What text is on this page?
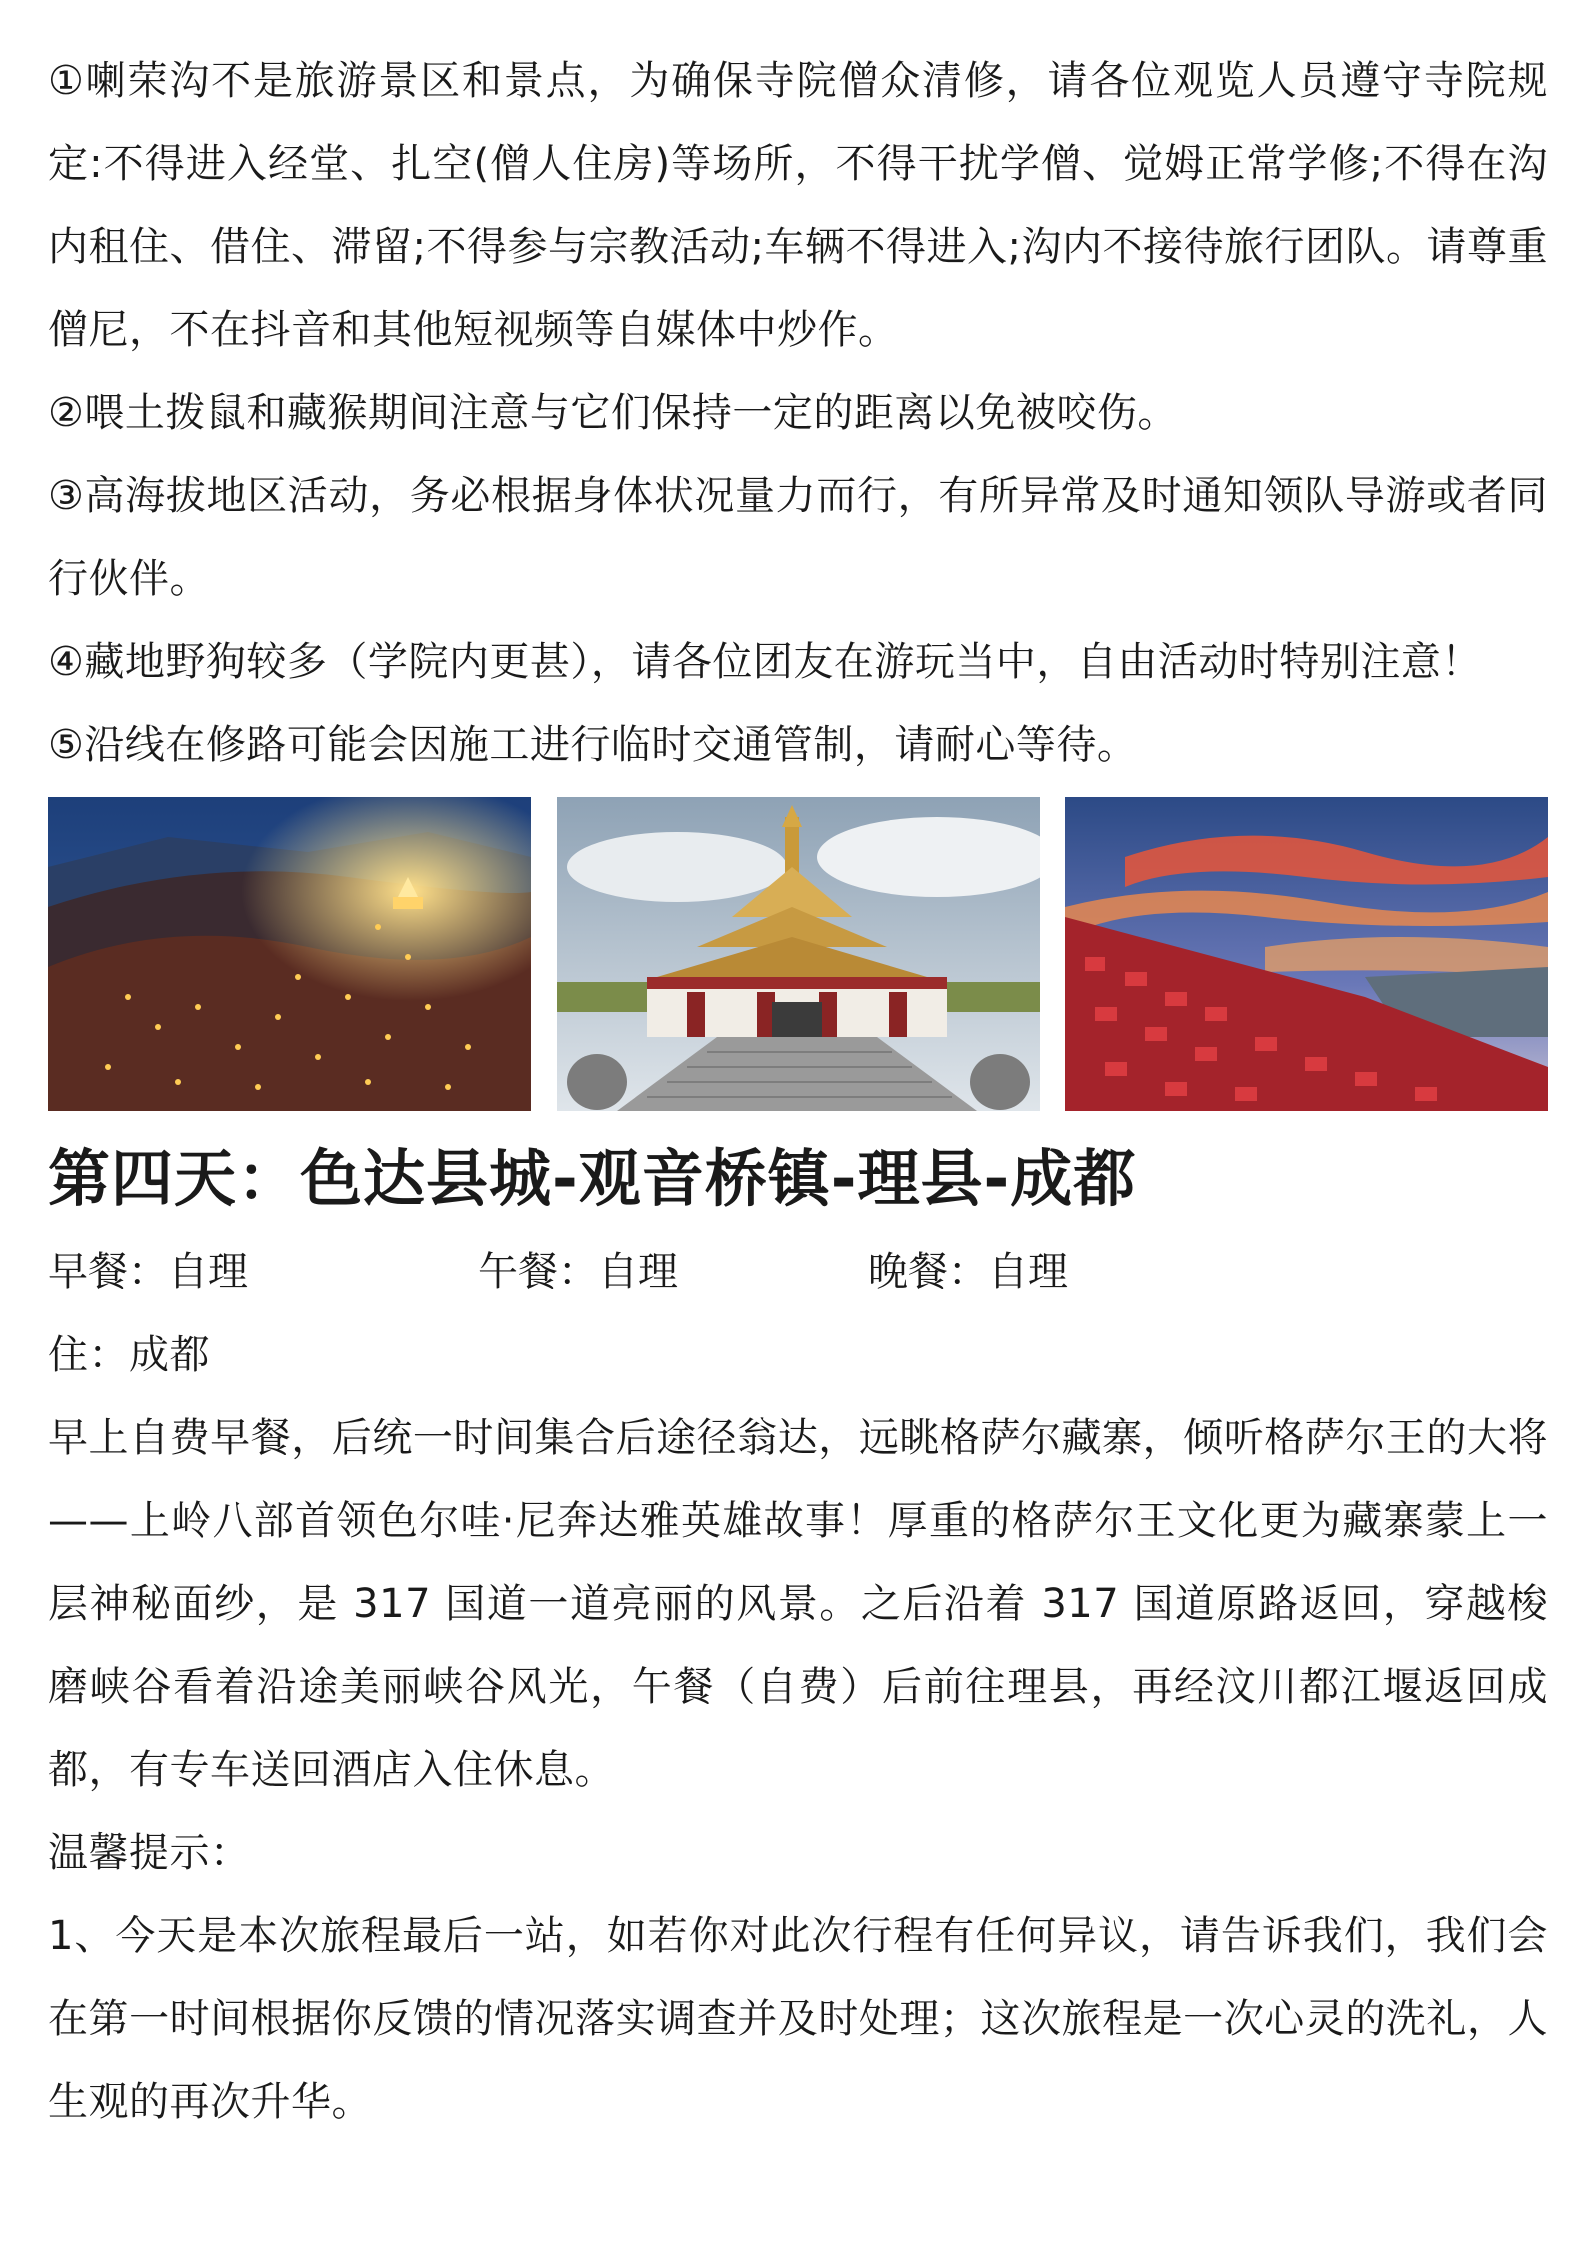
①喇荣沟不是旅游景区和景点，为确保寺院僧众清修，请各位观览人员遵守寺院规定:不得进入经堂、扎空(僧人住房)等场所，不得干扰学僧、觉姆正常学修;不得在沟内租住、借住、滞留;不得参与宗教活动;车辆不得进入;沟内不接待旅行团队。请尊重僧尼，不在抖音和其他短视频等自媒体中炒作。

②喂土拨鼠和藏猴期间注意与它们保持一定的距离以免被咬伤。

③高海拔地区活动，务必根据身体状况量力而行，有所异常及时通知领队导游或者同行伙伴。

④藏地野狗较多（学院内更甚），请各位团友在游玩当中，自由活动时特别注意！

⑤沿线在修路可能会因施工进行临时交通管制，请耐心等待。

第四天：色达县城-观音桥镇-理县-成都
早餐：自理	午餐：自理	晚餐：自理

住：成都

早上自费早餐，后统一时间集合后途径翁达，远眺格萨尔藏寨，倾听格萨尔王的大将——上岭八部首领色尔哇·尼奔达雅英雄故事！厚重的格萨尔王文化更为藏寨蒙上一层神秘面纱，是 317 国道一道亮丽的风景。之后沿着 317 国道原路返回，穿越梭磨峡谷看着沿途美丽峡谷风光，午餐（自费）后前往理县，再经汶川都江堰返回成都，有专车送回酒店入住休息。

温馨提示：

1、今天是本次旅程最后一站，如若你对此次行程有任何异议，请告诉我们，我们会在第一时间根据你反馈的情况落实调查并及时处理；这次旅程是一次心灵的洗礼，人生观的再次升华。
